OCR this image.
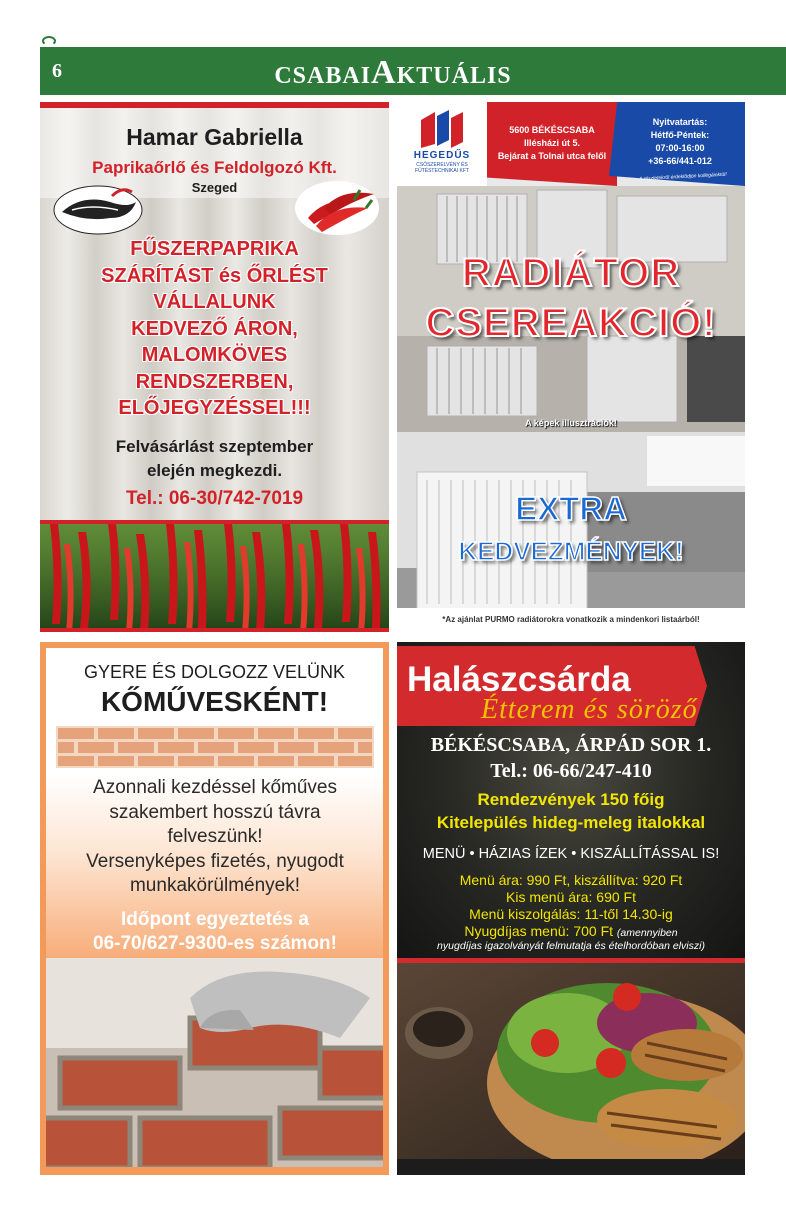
6	CSABAIAKTUÁLIS
Hamar Gabriella
Paprikaőrlő és Feldolgozó Kft.
Szeged
FŰSZERPAPRIKA
SZÁRÍTÁST és ŐRLÉST
VÁLLALUNK
KEDVEZŐ ÁRON,
MALOMKÖVES
RENDSZERBEN,
ELŐJEGYZÉSSEL!!!
Felvásárlást szeptember
elején megkezdi.
Tel.: 06-30/742-7019
HEGEDŰS
CSŐSZERELVÉNY ÉS FŰTÉSTECHNIKAI KFT
5600 BÉKÉSCSABA
Illésházi út 5.
Bejárat a Tolnai utca felől
Nyitvatartás:
Hétfő-Péntek:
07:00-16:00
+36-66/441-012
A részletekről érdeklődjön kollégáinktól!
RADIÁTOR
CSEREAKCIÓ!
A képek illusztrációk!
EXTRA
KEDVEZMÉNYEK!
*Az ajánlat PURMO radiátorokra vonatkozik a mindenkori listaárból!
GYERE ÉS DOLGOZZ VELÜNK
KŐMŰVESKÉNT!
Azonnali kezdéssel kőműves
szakembert hosszú távra
felveszünk!
Versenyképes fizetés, nyugodt
munkakörülmények!
Időpont egyeztetés a
06-70/627-9300-es számon!
Halászcsárda
Étterem és söröző
BÉKÉSCSABA, ÁRPÁD SOR 1.
Tel.: 06-66/247-410
Rendezvények 150 főig
Kitelepülés hideg-meleg italokkal
MENÜ • HÁZIAS ÍZEK • KISZÁLLÍTÁSSAL IS!
Menü ára: 990 Ft, kiszállítva: 920 Ft
Kis menü ára: 690 Ft
Menü kiszolgálás: 11-től 14.30-ig
Nyugdíjas menü: 700 Ft (amennyiben
nyugdíjas igazolványát felmutatja és ételhordóban elviszi)
